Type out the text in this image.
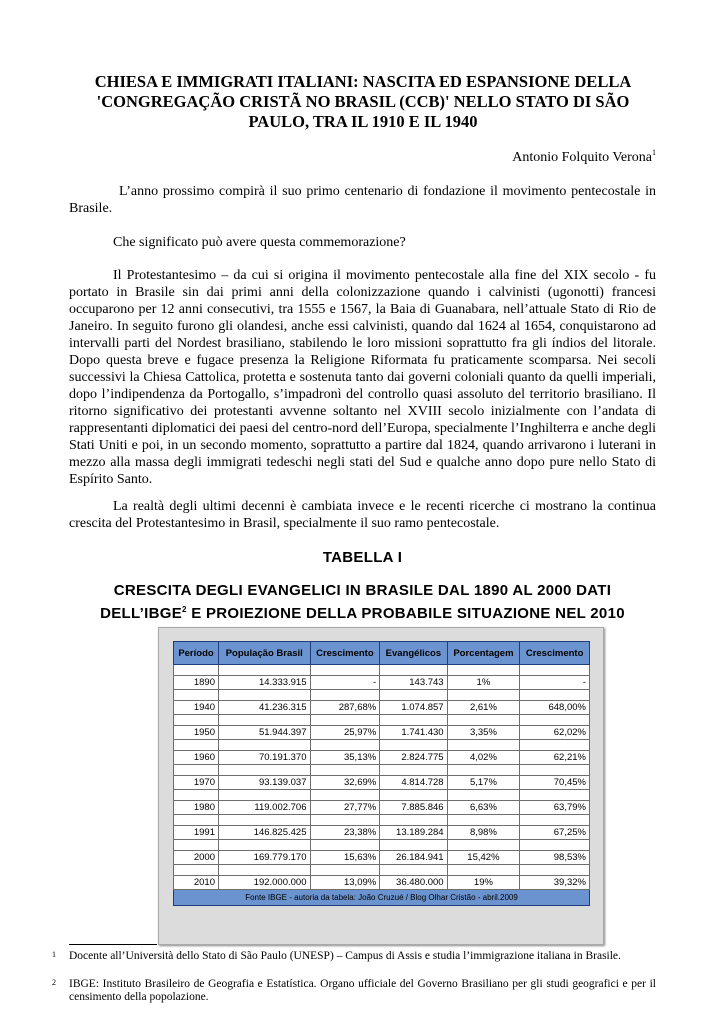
CHIESA E IMMIGRATI ITALIANI: NASCITA ED ESPANSIONE DELLA 'CONGREGAÇÃO CRISTÃ NO BRASIL (CCB)' NELLO STATO DI SÃO PAULO, TRA IL 1910 E IL 1940
Antonio Folquito Verona$^1$

L’anno prossimo compirà il suo primo centenario di fondazione il movimento pentecostale in Brasile.

Che significato può avere questa commemorazione?

Il Protestantesimo – da cui si origina il movimento pentecostale alla fine del XIX secolo - fu portato in Brasile sin dai primi anni della colonizzazione quando i calvinisti (ugonotti) francesi occuparono per 12 anni consecutivi, tra 1555 e 1567, la Baia di Guanabara, nell’attuale Stato di Rio de Janeiro. In seguito furono gli olandesi, anche essi calvinisti, quando dal 1624 al 1654, conquistarono ad intervalli parti del Nordest brasiliano, stabilendo le loro missioni soprattutto fra gli índios del litorale. Dopo questa breve e fugace presenza la Religione Riformata fu praticamente scomparsa. Nei secoli successivi la Chiesa Cattolica, protetta e sostenuta tanto dai governi coloniali quanto da quelli imperiali, dopo l’indipendenza da Portogallo, s’impadronì del controllo quasi assoluto del territorio brasiliano. Il ritorno significativo dei protestanti avvenne soltanto nel XVIII secolo inizialmente con l’andata di rappresentanti diplomatici dei paesi del centro-nord dell’Europa, specialmente l’Inghilterra e anche degli Stati Uniti e poi, in un secondo momento, soprattutto a partire dal 1824, quando arrivarono i luterani in mezzo alla massa degli immigrati tedeschi negli stati del Sud e qualche anno dopo pure nello Stato di Espírito Santo.

La realtà degli ultimi decenni è cambiata invece e le recenti ricerche ci mostrano la continua crescita del Protestantesimo in Brasil, specialmente il suo ramo pentecostale.

TABELLA I
CRESCITA DEGLI EVANGELICI IN BRASILE DAL 1890 AL 2000 DATI DELL’IBGE$^2$ E PROIEZIONE DELLA PROBABILE SITUAZIONE NEL 2010
Período	População Brasil	Crescimento	Evangélicos	Porcentagem	Crescimento

1890	14.333.915	-	143.743	1%	-

1940	41.236.315	287,68%	1.074.857	2,61%	648,00%

1950	51.944.397	25,97%	1.741.430	3,35%	62,02%

1960	70.191.370	35,13%	2.824.775	4,02%	62,21%

1970	93.139.037	32,69%	4.814.728	5,17%	70,45%

1980	119.002.706	27,77%	7.885.846	6,63%	63,79%

1991	146.825.425	23,38%	13.189.284	8,98%	67,25%

2000	169.779.170	15,63%	26.184.941	15,42%	98,53%

2010	192.000.000	13,09%	36.480.000	19%	39,32%
Fonte IBGE - autoria da tabela: João Cruzué / Blog Olhar Cristão - abril.2009					
1 Docente all’Università dello Stato di São Paulo (UNESP) – Campus di Assis e studia l’immigrazione italiana in Brasile.
2 IBGE: Instituto Brasileiro de Geografia e Estatística. Organo ufficiale del Governo Brasiliano per gli studi geografici e per il censimento della popolazione.
